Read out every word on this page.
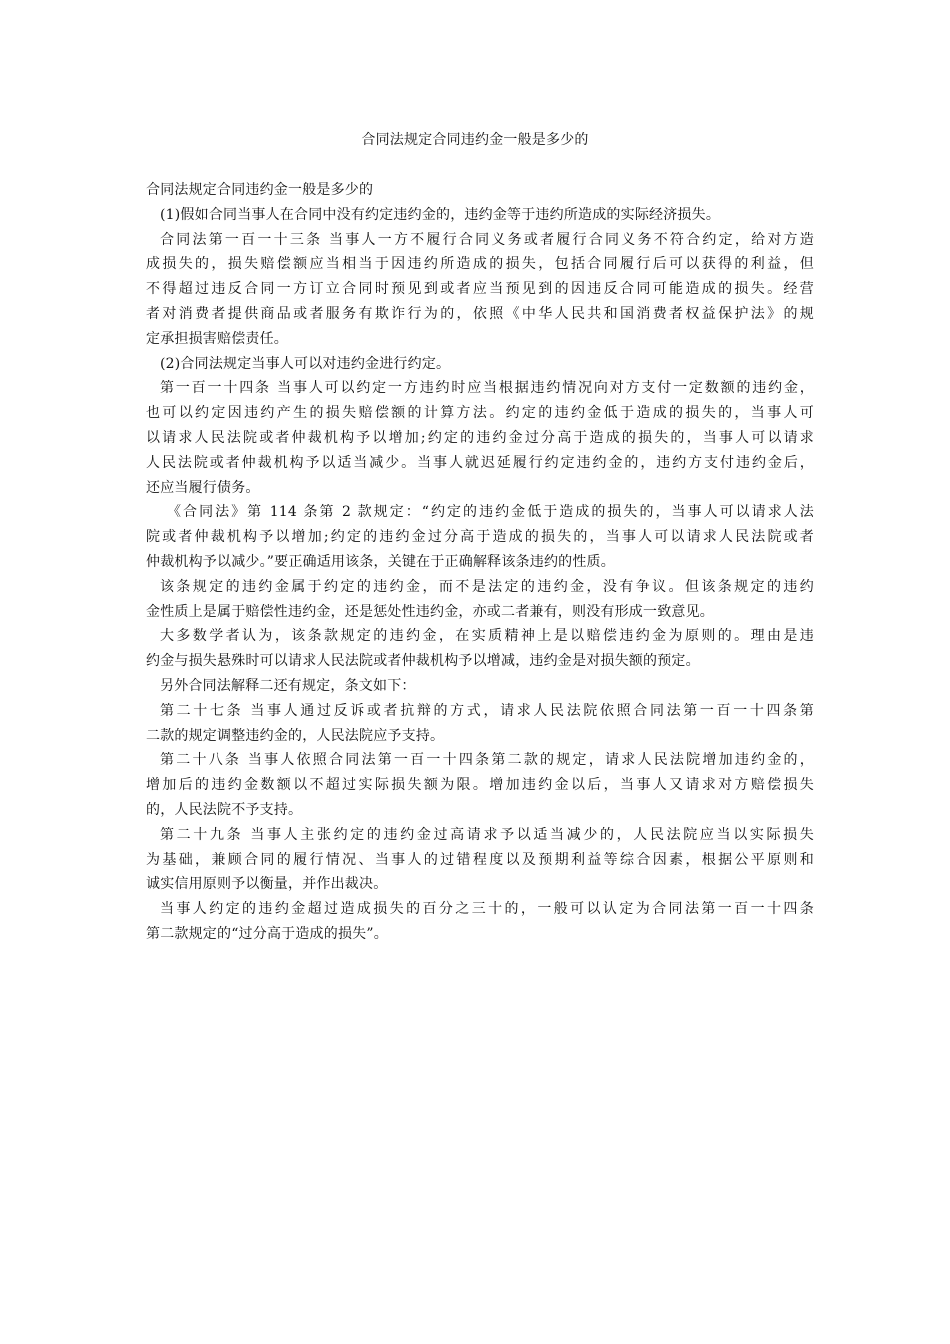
合同法规定合同违约金一般是多少的
合同法规定合同违约金一般是多少的
(1)假如合同当事人在合同中没有约定违约金的，违约金等于违约所造成的实际经济损失。
合同法第一百一十三条 当事人一方不履行合同义务或者履行合同义务不符合约定，给对方造
成损失的，损失赔偿额应当相当于因违约所造成的损失，包括合同履行后可以获得的利益，但
不得超过违反合同一方订立合同时预见到或者应当预见到的因违反合同可能造成的损失。经营
者对消费者提供商品或者服务有欺诈行为的，依照《中华人民共和国消费者权益保护法》的规
定承担损害赔偿责任。
(2)合同法规定当事人可以对违约金进行约定。
第一百一十四条 当事人可以约定一方违约时应当根据违约情况向对方支付一定数额的违约金，
也可以约定因违约产生的损失赔偿额的计算方法。约定的违约金低于造成的损失的，当事人可
以请求人民法院或者仲裁机构予以增加;约定的违约金过分高于造成的损失的，当事人可以请求
人民法院或者仲裁机构予以适当减少。当事人就迟延履行约定违约金的，违约方支付违约金后，
还应当履行债务。
《合同法》第 114 条第 2 款规定：“约定的违约金低于造成的损失的，当事人可以请求人法
院或者仲裁机构予以增加;约定的违约金过分高于造成的损失的，当事人可以请求人民法院或者
仲裁机构予以减少。”要正确适用该条，关键在于正确解释该条违约的性质。
该条规定的违约金属于约定的违约金，而不是法定的违约金，没有争议。但该条规定的违约
金性质上是属于赔偿性违约金，还是惩处性违约金，亦或二者兼有，则没有形成一致意见。
大多数学者认为，该条款规定的违约金，在实质精神上是以赔偿违约金为原则的。理由是违
约金与损失悬殊时可以请求人民法院或者仲裁机构予以增减，违约金是对损失额的预定。
另外合同法解释二还有规定，条文如下：
第二十七条 当事人通过反诉或者抗辩的方式，请求人民法院依照合同法第一百一十四条第
二款的规定调整违约金的，人民法院应予支持。
第二十八条 当事人依照合同法第一百一十四条第二款的规定，请求人民法院增加违约金的，
增加后的违约金数额以不超过实际损失额为限。增加违约金以后，当事人又请求对方赔偿损失
的，人民法院不予支持。
第二十九条 当事人主张约定的违约金过高请求予以适当减少的，人民法院应当以实际损失
为基础，兼顾合同的履行情况、当事人的过错程度以及预期利益等综合因素，根据公平原则和
诚实信用原则予以衡量，并作出裁决。
当事人约定的违约金超过造成损失的百分之三十的，一般可以认定为合同法第一百一十四条
第二款规定的“过分高于造成的损失”。
